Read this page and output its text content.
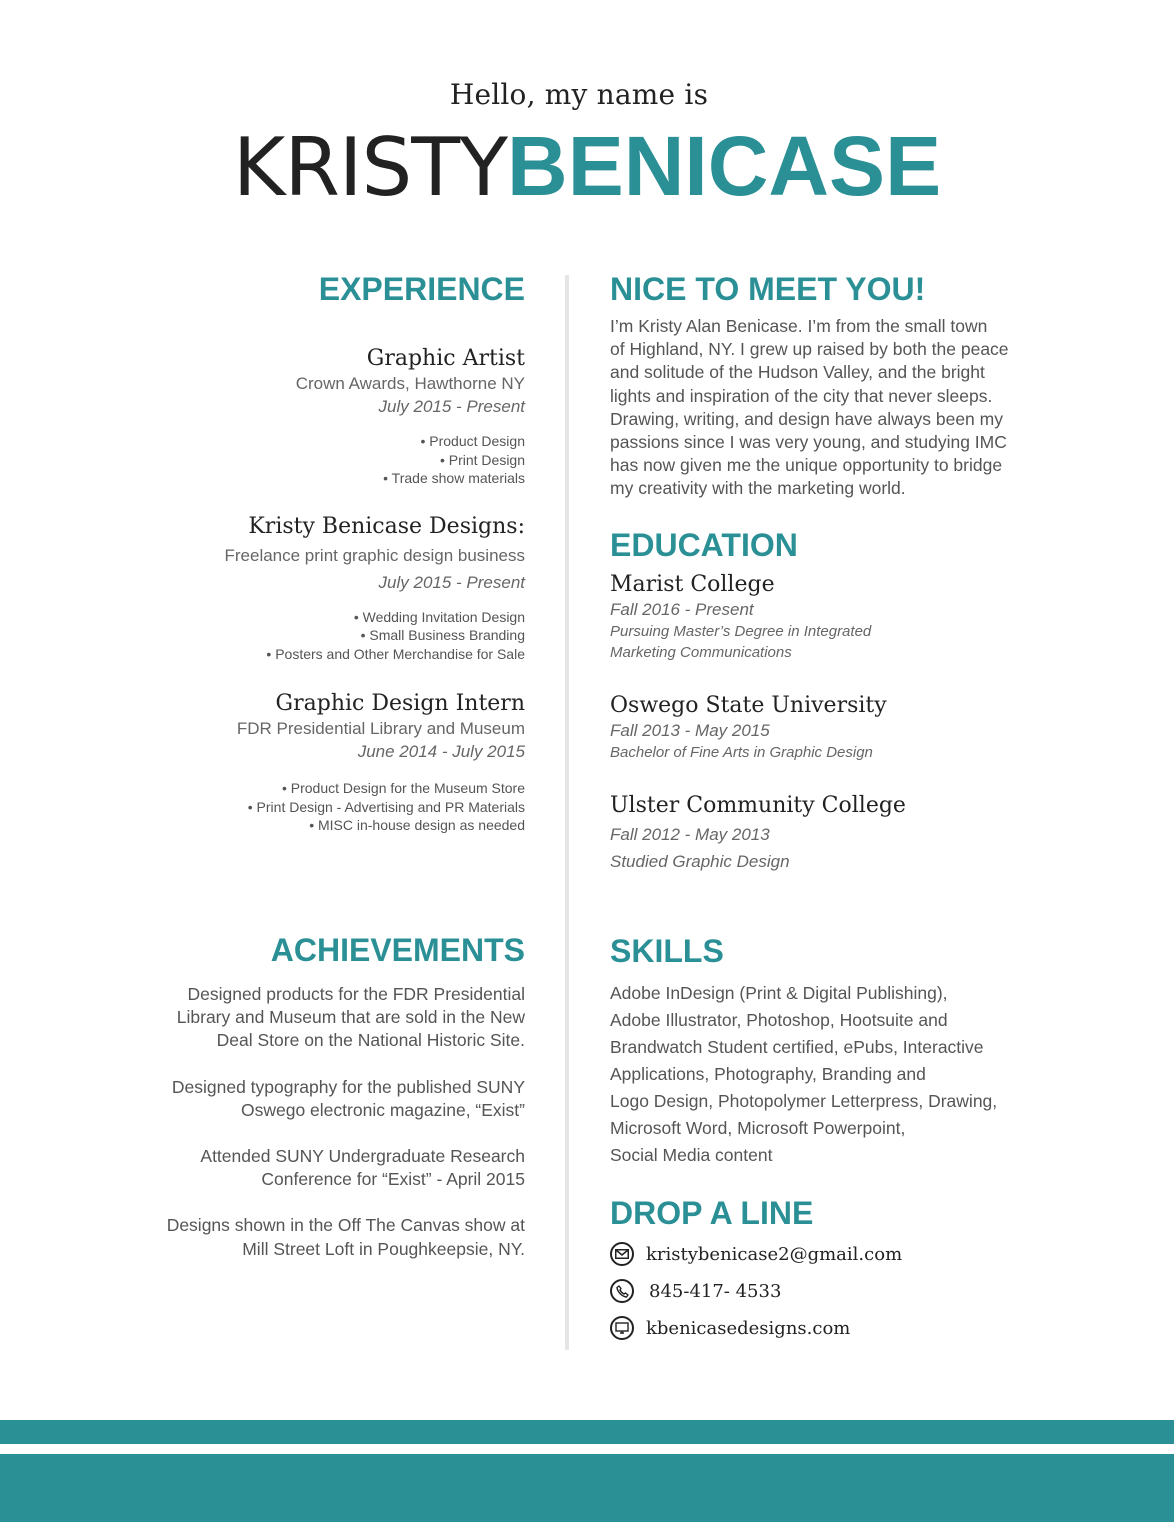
Hello, my name is
KRISTYBENICASE
EXPERIENCE
Graphic Artist
Crown Awards, Hawthorne NY
July 2015 - Present
• Product Design
• Print Design
• Trade show materials
Kristy Benicase Designs:
Freelance print graphic design business
July 2015 - Present
• Wedding Invitation Design
• Small Business Branding
• Posters and Other Merchandise for Sale
Graphic Design Intern
FDR Presidential Library and Museum
June 2014 - July 2015
• Product Design for the Museum Store
• Print Design - Advertising and PR Materials
• MISC in-house design as needed
ACHIEVEMENTS
Designed products for the FDR Presidential
Library and Museum that are sold in the New
Deal Store on the National Historic Site.
Designed typography for the published SUNY
Oswego electronic magazine, “Exist”
Attended SUNY Undergraduate Research
Conference for “Exist” - April 2015
Designs shown in the Off The Canvas show at
Mill Street Loft in Poughkeepsie, NY.
NICE TO MEET YOU!
I’m Kristy Alan Benicase. I’m from the small town
of Highland, NY. I grew up raised by both the peace
and solitude of the Hudson Valley, and the bright
lights and inspiration of the city that never sleeps.
Drawing, writing, and design have always been my
passions since I was very young, and studying IMC
has now given me the unique opportunity to bridge
my creativity with the marketing world.
EDUCATION
Marist College
Fall 2016 - Present
Pursuing Master’s Degree in Integrated
Marketing Communications
Oswego State University
Fall 2013 - May 2015
Bachelor of Fine Arts in Graphic Design
Ulster Community College
Fall 2012 - May 2013
Studied Graphic Design
SKILLS
Adobe InDesign (Print & Digital Publishing),
Adobe Illustrator, Photoshop, Hootsuite and
Brandwatch Student certified, ePubs, Interactive
Applications, Photography, Branding and
Logo Design, Photopolymer Letterpress, Drawing,
Microsoft Word, Microsoft Powerpoint,
Social Media content
DROP A LINE
kristybenicase2@gmail.com
845-417- 4533
kbenicasedesigns.com
